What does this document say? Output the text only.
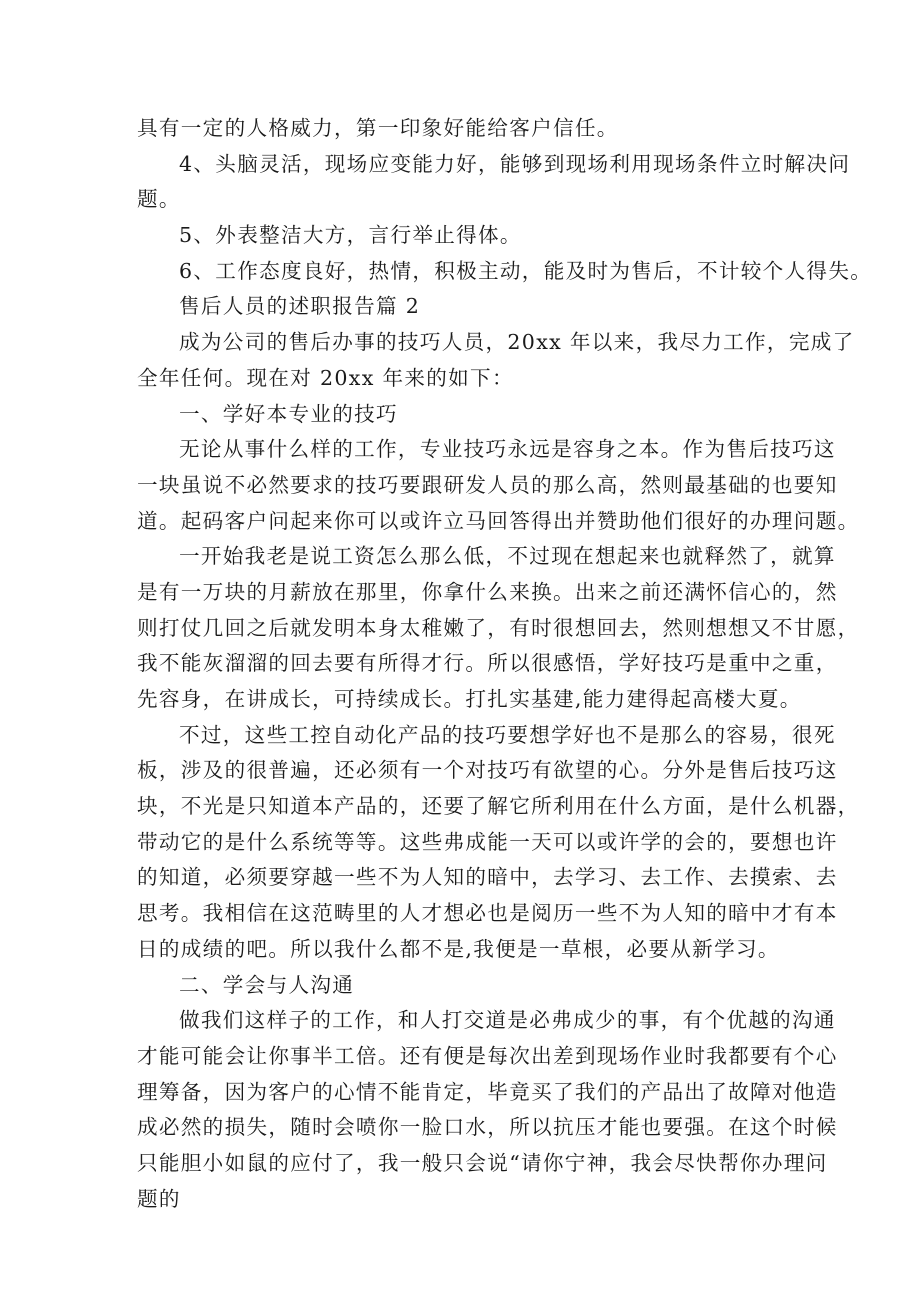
具有一定的人格威力，第一印象好能给客户信任。
4、头脑灵活，现场应变能力好，能够到现场利用现场条件立时解决问
题。
5、外表整洁大方，言行举止得体。
6、工作态度良好，热情，积极主动，能及时为售后，不计较个人得失。
售后人员的述职报告篇 2
成为公司的售后办事的技巧人员，20xx 年以来，我尽力工作，完成了
全年任何。现在对 20xx 年来的如下：
一、学好本专业的技巧
无论从事什么样的工作，专业技巧永远是容身之本。作为售后技巧这
一块虽说不必然要求的技巧要跟研发人员的那么高，然则最基础的也要知
道。起码客户问起来你可以或许立马回答得出并赞助他们很好的办理问题。
一开始我老是说工资怎么那么低，不过现在想起来也就释然了，就算
是有一万块的月薪放在那里，你拿什么来换。出来之前还满怀信心的，然
则打仗几回之后就发明本身太稚嫩了，有时很想回去，然则想想又不甘愿，
我不能灰溜溜的回去要有所得才行。所以很感悟，学好技巧是重中之重，
先容身，在讲成长，可持续成长。打扎实基建,能力建得起高楼大夏。
不过，这些工控自动化产品的技巧要想学好也不是那么的容易，很死
板，涉及的很普遍，还必须有一个对技巧有欲望的心。分外是售后技巧这
块，不光是只知道本产品的，还要了解它所利用在什么方面，是什么机器，
带动它的是什么系统等等。这些弗成能一天可以或许学的会的，要想也许
的知道，必须要穿越一些不为人知的暗中，去学习、去工作、去摸索、去
思考。我相信在这范畴里的人才想必也是阅历一些不为人知的暗中才有本
日的成绩的吧。所以我什么都不是,我便是一草根，必要从新学习。
二、学会与人沟通
做我们这样子的工作，和人打交道是必弗成少的事，有个优越的沟通
才能可能会让你事半工倍。还有便是每次出差到现场作业时我都要有个心
理筹备，因为客户的心情不能肯定，毕竟买了我们的产品出了故障对他造
成必然的损失，随时会喷你一脸口水，所以抗压才能也要强。在这个时候
只能胆小如鼠的应付了，我一般只会说“请你宁神，我会尽快帮你办理问
题的
